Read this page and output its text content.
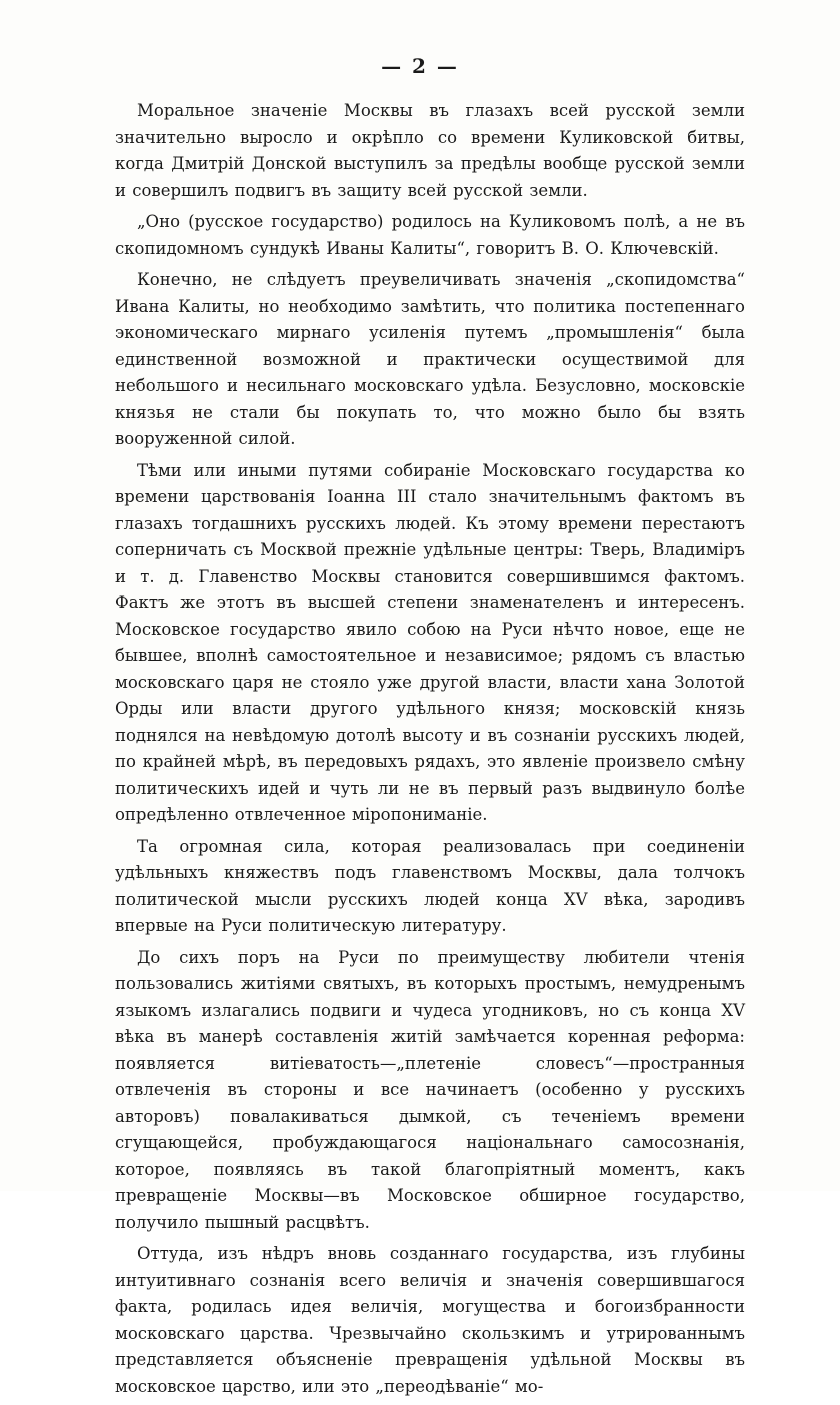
— 2 —

Моральное значеніе Москвы въ глазахъ всей русской земли значительно выросло и окрѣпло со времени Куликовской битвы, когда Дмитрій Донской выступилъ за предѣлы вообще русской земли и совершилъ подвигъ въ защиту всей русской земли.

„Оно (русское государство) родилось на Куликовомъ полѣ, а не въ скопидомномъ сундукѣ Иваны Калиты“, говоритъ В. О. Ключевскій.

Конечно, не слѣдуетъ преувеличивать значенія „скопидомства“ Ивана Калиты, но необходимо замѣтить, что политика постепеннаго экономическаго мирнаго усиленія путемъ „промышленія“ была единственной возможной и практически осуществимой для небольшого и несильнаго московскаго удѣла. Безусловно, московскіе князья не стали бы покупать то, что можно было бы взять вооруженной силой.

Тѣми или иными путями собираніе Московскаго государства ко времени царствованія Іоанна III стало значительнымъ фактомъ въ глазахъ тогдашнихъ русскихъ людей. Къ этому времени перестаютъ соперничать съ Москвой прежніе удѣльные центры: Тверь, Владиміръ и т. д. Главенство Москвы становится совершившимся фактомъ. Фактъ же этотъ въ высшей степени знаменателенъ и интересенъ. Московское государство явило собою на Руси нѣчто новое, еще не бывшее, вполнѣ самостоятельное и независимое; рядомъ съ властью московскаго царя не стояло уже другой власти, власти хана Золотой Орды или власти другого удѣльного князя; московскій князь поднялся на невѣдомую дотолѣ высоту и въ сознаніи русскихъ людей, по крайней мѣрѣ, въ передовыхъ рядахъ, это явленіе произвело смѣну политическихъ идей и чуть ли не въ первый разъ выдвинуло болѣе опредѣленно отвлеченное міропониманіе.

Та огромная сила, которая реализовалась при соединеніи удѣльныхъ княжествъ подъ главенствомъ Москвы, дала толчокъ политической мысли русскихъ людей конца XV вѣка, зародивъ впервые на Руси политическую литературу.

До сихъ поръ на Руси по преимуществу любители чтенія пользовались житіями святыхъ, въ которыхъ простымъ, немудренымъ языкомъ излагались подвиги и чудеса угодниковъ, но съ конца XV вѣка въ манерѣ составленія житій замѣчается коренная реформа: появляется витіеватость—„плетеніе словесъ“—пространныя отвлеченія въ стороны и все начинаетъ (особенно у русскихъ авторовъ) повалакиваться дымкой, съ теченіемъ времени сгущающейся, пробуждающагося національнаго самосознанія, которое, появляясь въ такой благопріятный моментъ, какъ превращеніе Москвы—въ Московское обширное государство, получило пышный расцвѣтъ.

Оттуда, изъ нѣдръ вновь созданнаго государства, изъ глубины интуитивнаго сознанія всего величія и значенія совершившагося факта, родилась идея величія, могущества и богоизбранности московскаго царства. Чрезвычайно скользкимъ и утрированнымъ представляется объясненіе превращенія удѣльной Москвы въ московское царство, или это „переодѣваніе“ мо-
